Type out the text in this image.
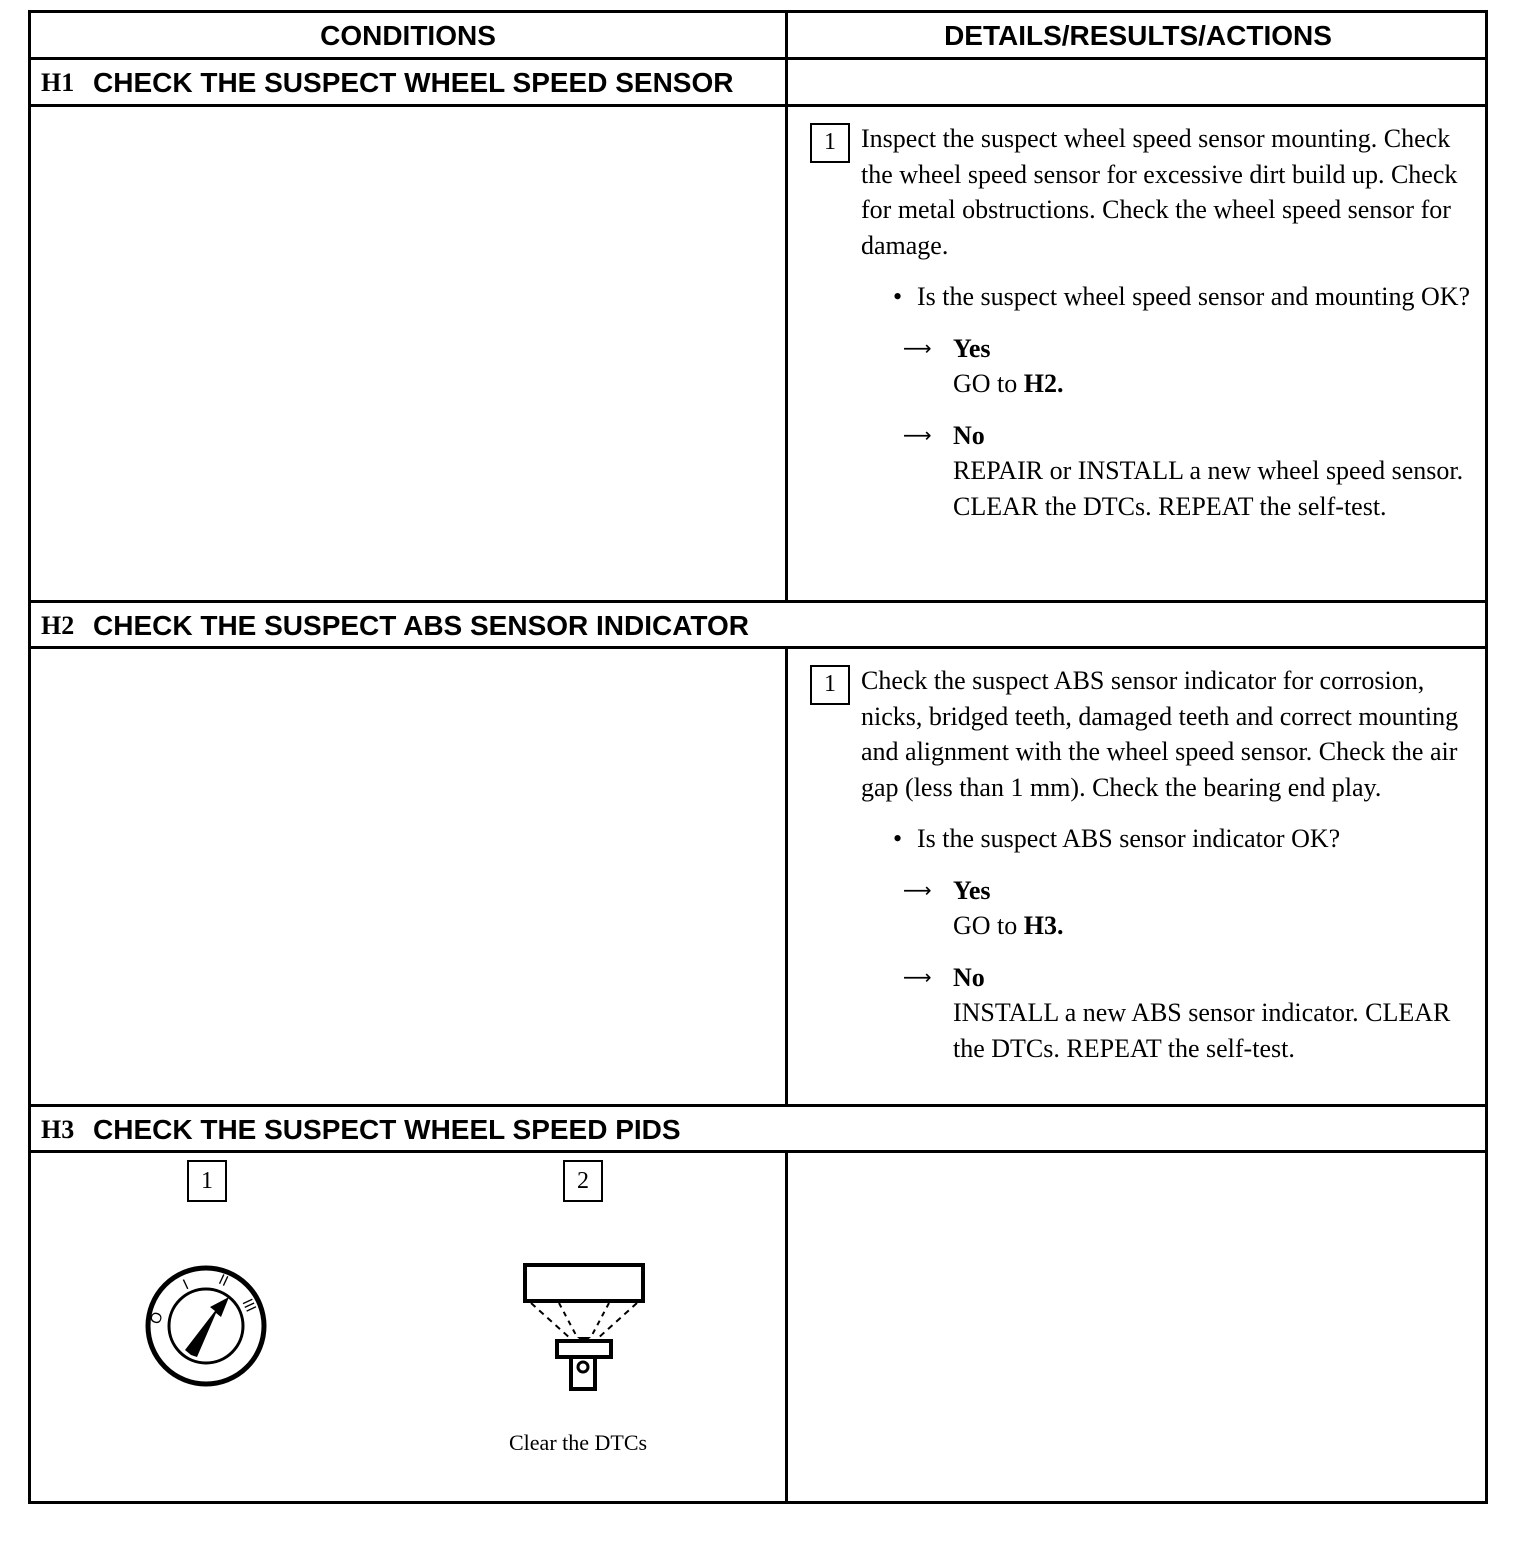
CONDITIONS	DETAILS/RESULTS/ACTIONS
H1 CHECK THE SUSPECT WHEEL SPEED SENSOR
1 Inspect the suspect wheel speed sensor mounting. Check the wheel speed sensor for excessive dirt build up. Check for metal obstructions. Check the wheel speed sensor for damage.
• Is the suspect wheel speed sensor and mounting OK?
⟶ Yes
GO to H2.
⟶ No
REPAIR or INSTALL a new wheel speed sensor. CLEAR the DTCs. REPEAT the self-test.
H2 CHECK THE SUSPECT ABS SENSOR INDICATOR
1 Check the suspect ABS sensor indicator for corrosion, nicks, bridged teeth, damaged teeth and correct mounting and alignment with the wheel speed sensor. Check the air gap (less than 1 mm). Check the bearing end play.
• Is the suspect ABS sensor indicator OK?
⟶ Yes
GO to H3.
⟶ No
INSTALL a new ABS sensor indicator. CLEAR the DTCs. REPEAT the self-test.
H3 CHECK THE SUSPECT WHEEL SPEED PIDS
1	2
O
I II
III
Clear the DTCs
